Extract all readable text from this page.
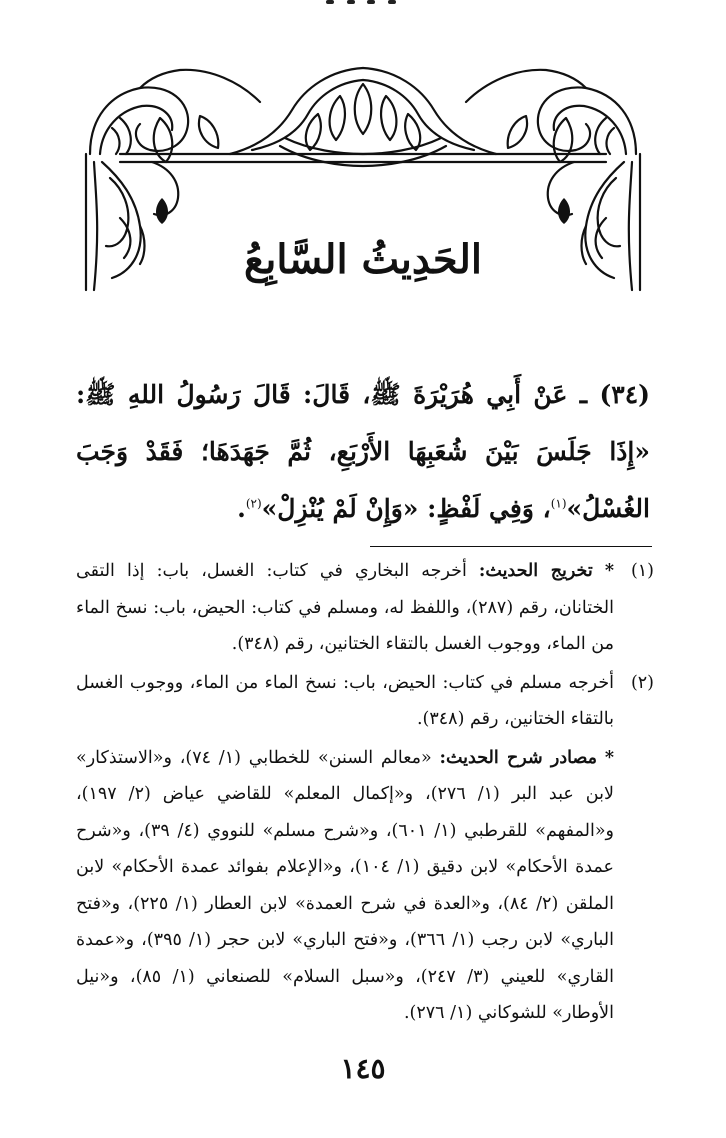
الحَدِيثُ السَّابِعُ

(٣٤) ـ عَنْ أَبِي هُرَيْرَةَ ﷺ، قَالَ: قَالَ رَسُولُ اللهِ ﷺ: «إِذَا جَلَسَ بَيْنَ شُعَبِهَا الأَرْبَعِ، ثُمَّ جَهَدَهَا؛ فَقَدْ وَجَبَ الغُسْلُ»$^{(١)}$، وَفِي لَفْظٍ: «وَإِنْ لَمْ يُنْزِلْ»$^{(٢)}$.

(١)
* تخريج الحديث: أخرجه البخاري في كتاب: الغسل، باب: إذا التقى الختانان، رقم (٢٨٧)، واللفظ له، ومسلم في كتاب: الحيض، باب: نسخ الماء من الماء، ووجوب الغسل بالتقاء الختانين، رقم (٣٤٨).
(٢)
أخرجه مسلم في كتاب: الحيض، باب: نسخ الماء من الماء، ووجوب الغسل بالتقاء الختانين، رقم (٣٤٨).
* مصادر شرح الحديث: «معالم السنن» للخطابي (١/ ٧٤)، و«الاستذكار» لابن عبد البر (١/ ٢٧٦)، و«إكمال المعلم» للقاضي عياض (٢/ ١٩٧)، و«المفهم» للقرطبي (١/ ٦٠١)، و«شرح مسلم» للنووي (٤/ ٣٩)، و«شرح عمدة الأحكام» لابن دقيق (١/ ١٠٤)، و«الإعلام بفوائد عمدة الأحكام» لابن الملقن (٢/ ٨٤)، و«العدة في شرح العمدة» لابن العطار (١/ ٢٢٥)، و«فتح الباري» لابن رجب (١/ ٣٦٦)، و«فتح الباري» لابن حجر (١/ ٣٩٥)، و«عمدة القاري» للعيني (٣/ ٢٤٧)، و«سبل السلام» للصنعاني (١/ ٨٥)، و«نيل الأوطار» للشوكاني (١/ ٢٧٦).

١٤٥
